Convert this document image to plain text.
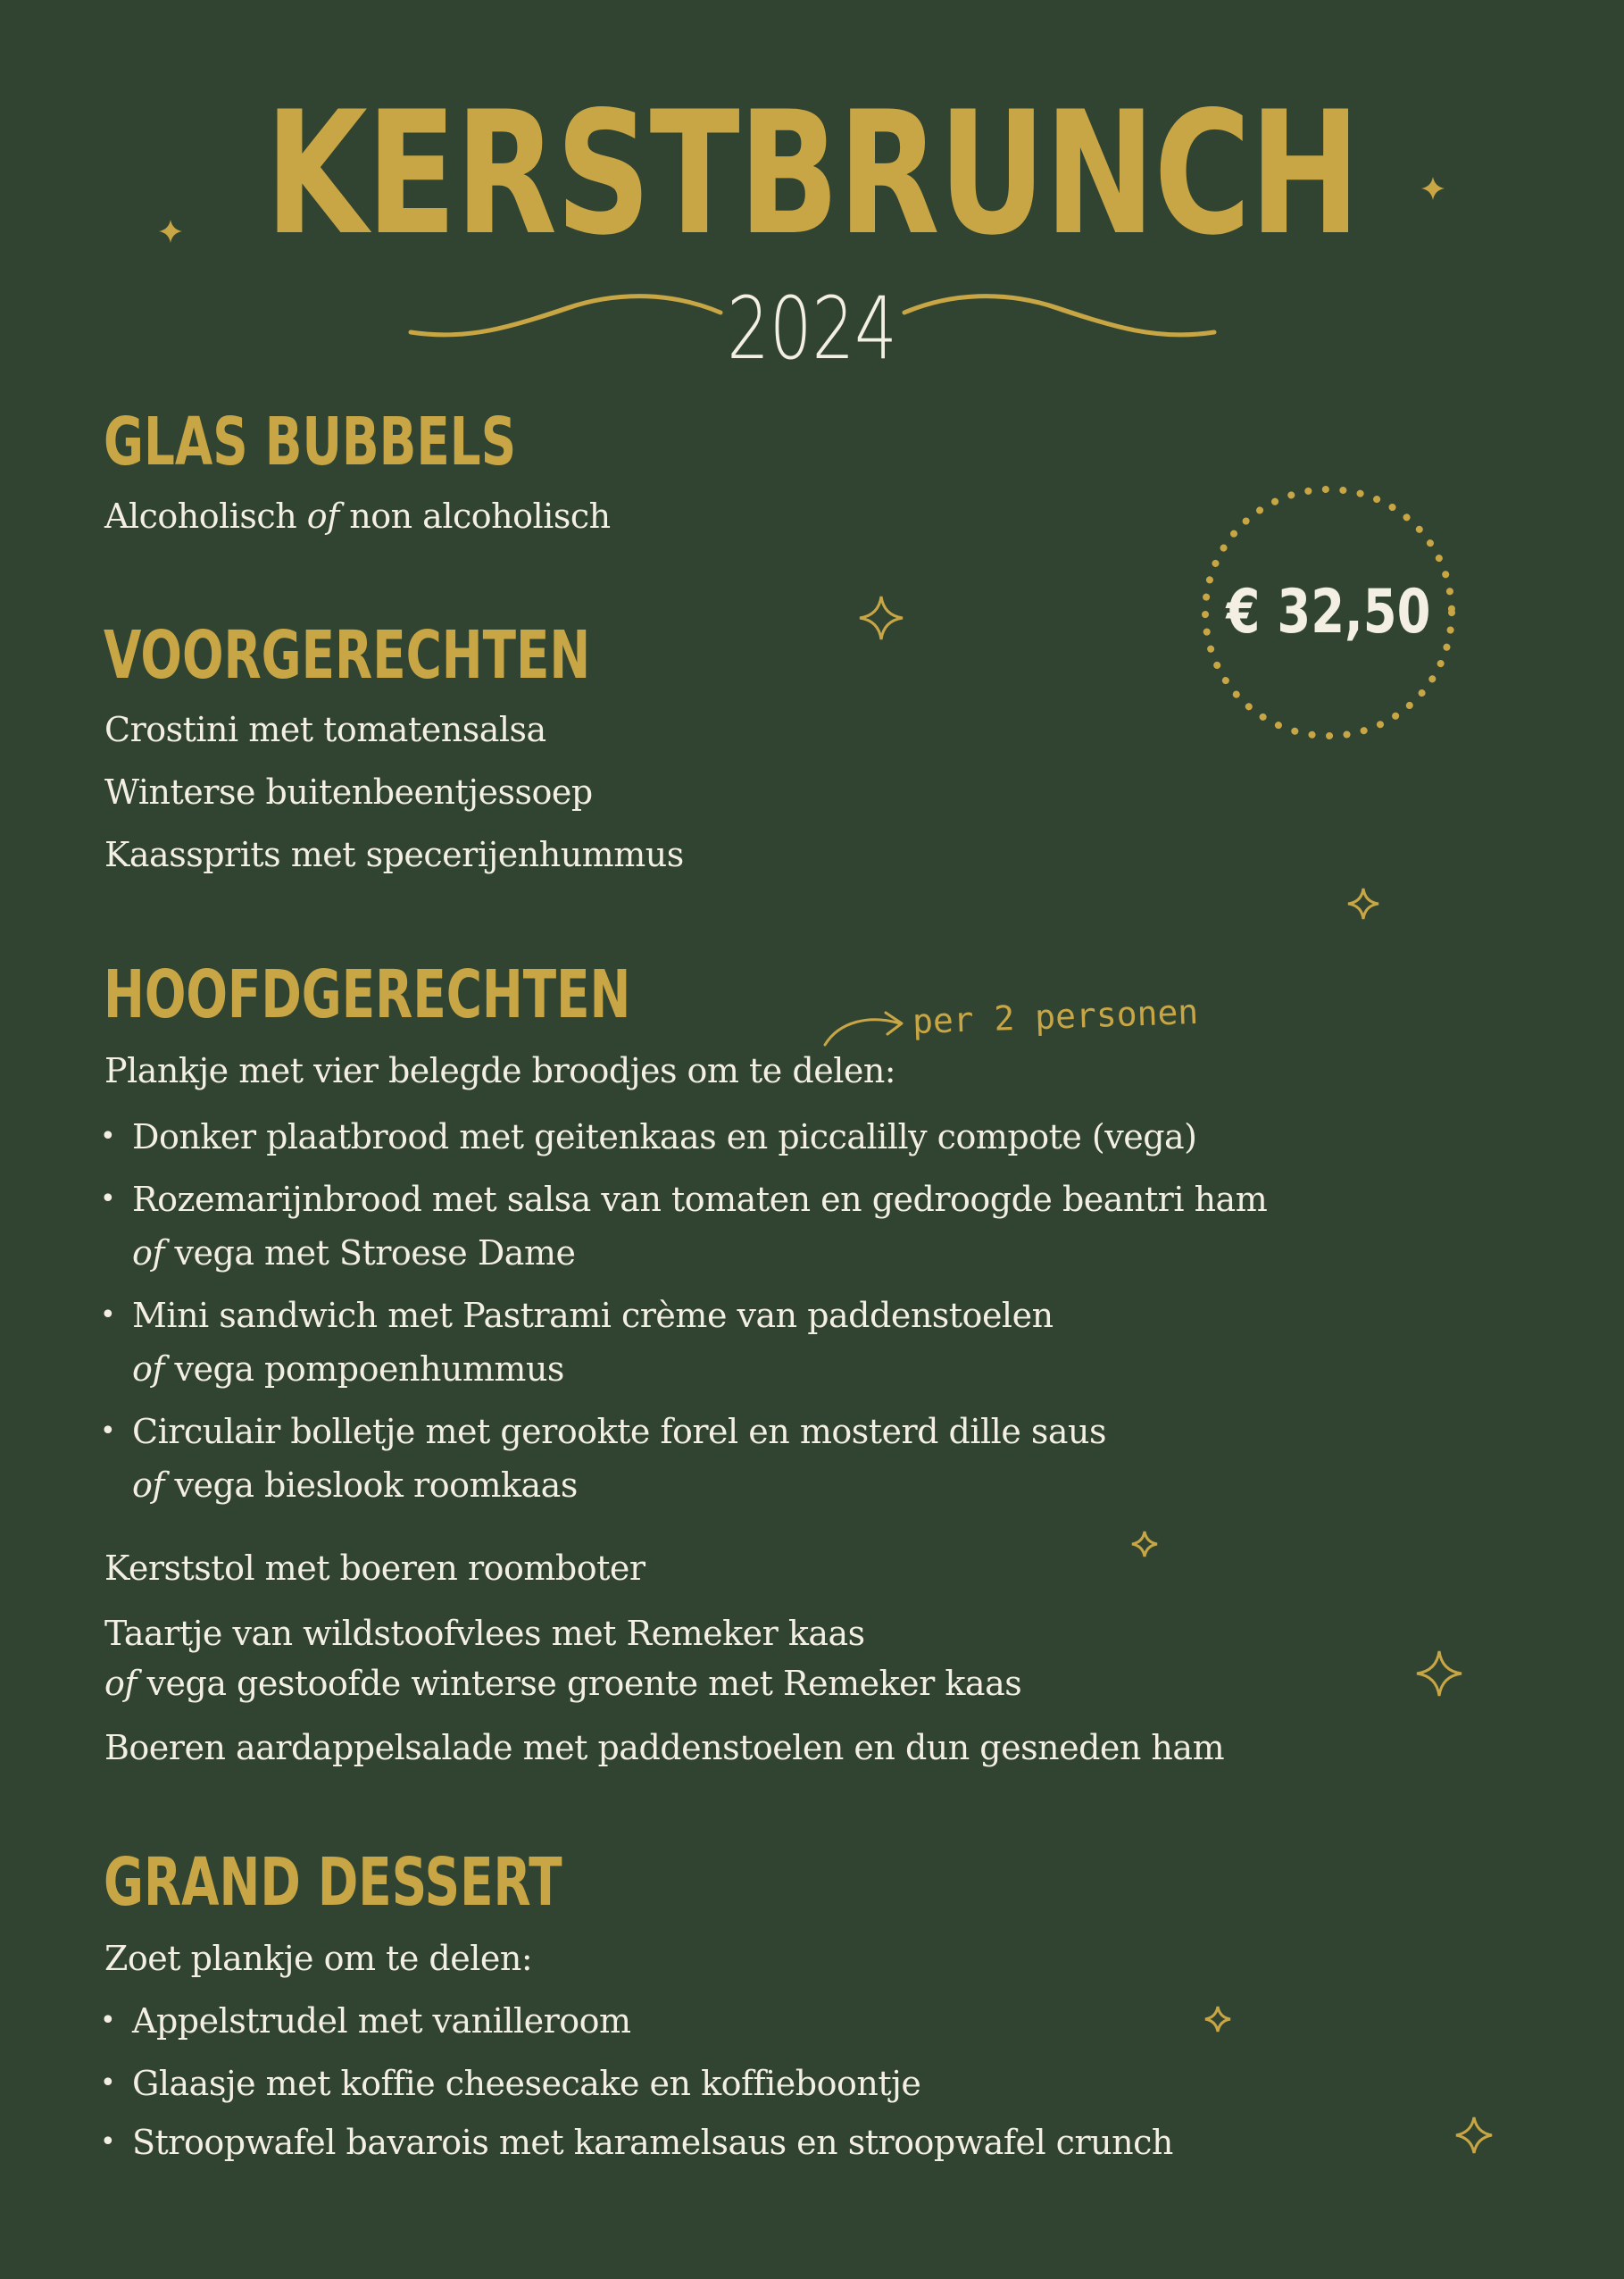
KERSTBRUNCH
2024
€ 32,50
GLAS BUBBELS
Alcoholisch of non alcoholisch
VOORGERECHTEN
Crostini met tomatensalsa
Winterse buitenbeentjessoep
Kaassprits met specerijenhummus
HOOFDGERECHTEN
Plankje met vier belegde broodjes om te delen:
per 2 personen
• Donker plaatbrood met geitenkaas en piccalilly compote (vega)
• Rozemarijnbrood met salsa van tomaten en gedroogde beantri ham
of vega met Stroese Dame
• Mini sandwich met Pastrami crème van paddenstoelen
of vega pompoenhummus
• Circulair bolletje met gerookte forel en mosterd dille saus
of vega bieslook roomkaas
Kerststol met boeren roomboter
Taartje van wildstoofvlees met Remeker kaas
of vega gestoofde winterse groente met Remeker kaas
Boeren aardappelsalade met paddenstoelen en dun gesneden ham
GRAND DESSERT
Zoet plankje om te delen:
• Appelstrudel met vanilleroom
• Glaasje met koffie cheesecake en koffieboontje
• Stroopwafel bavarois met karamelsaus en stroopwafel crunch
